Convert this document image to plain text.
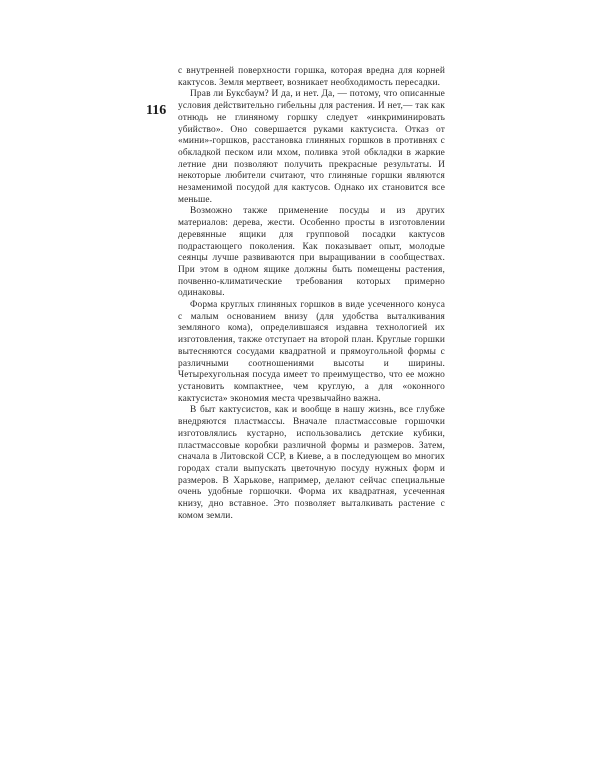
116

с внутренней поверхности горшка, которая вредна для корней кактусов. Земля мертвеет, возникает необходимость пересадки.

Прав ли Буксбаум? И да, и нет. Да, — потому, что описанные условия действительно гибельны для растения. И нет,— так как отнюдь не глиняному горшку следует «инкриминировать убийство». Оно совершается руками кактусиста. Отказ от «мини»-горшков, расстановка глиняных горшков в противнях с обкладкой песком или мхом, поливка этой обкладки в жаркие летние дни позволяют получить прекрасные результаты. И некоторые любители считают, что глиняные горшки являются незаменимой посудой для кактусов. Однако их становится все меньше.

Возможно также применение посуды и из других материалов: дерева, жести. Особенно просты в изготовлении деревянные ящики для групповой посадки кактусов подрастающего поколения. Как показывает опыт, молодые сеянцы лучше развиваются при выращивании в сообществах. При этом в одном ящике должны быть помещены растения, почвенно-климатические требования которых примерно одинаковы.

Форма круглых глиняных горшков в виде усеченного конуса с малым основанием внизу (для удобства выталкивания земляного кома), определившаяся издавна технологией их изготовления, также отступает на второй план. Круглые горшки вытесняются сосудами квадратной и прямоугольной формы с различными соотношениями высоты и ширины. Четырехугольная посуда имеет то преимущество, что ее можно установить компактнее, чем круглую, а для «оконного кактусиста» экономия места чрезвычайно важна.

В быт кактусистов, как и вообще в нашу жизнь, все глубже внедряются пластмассы. Вначале пластмассовые горшочки изготовлялись кустарно, использовались детские кубики, пластмассовые коробки различной формы и размеров. Затем, сначала в Литовской ССР, в Киеве, а в последующем во многих городах стали выпускать цветочную посуду нужных форм и размеров. В Харькове, например, делают сейчас специальные очень удобные горшочки. Форма их квадратная, усеченная книзу, дно вставное. Это позволяет выталкивать растение с комом земли.
